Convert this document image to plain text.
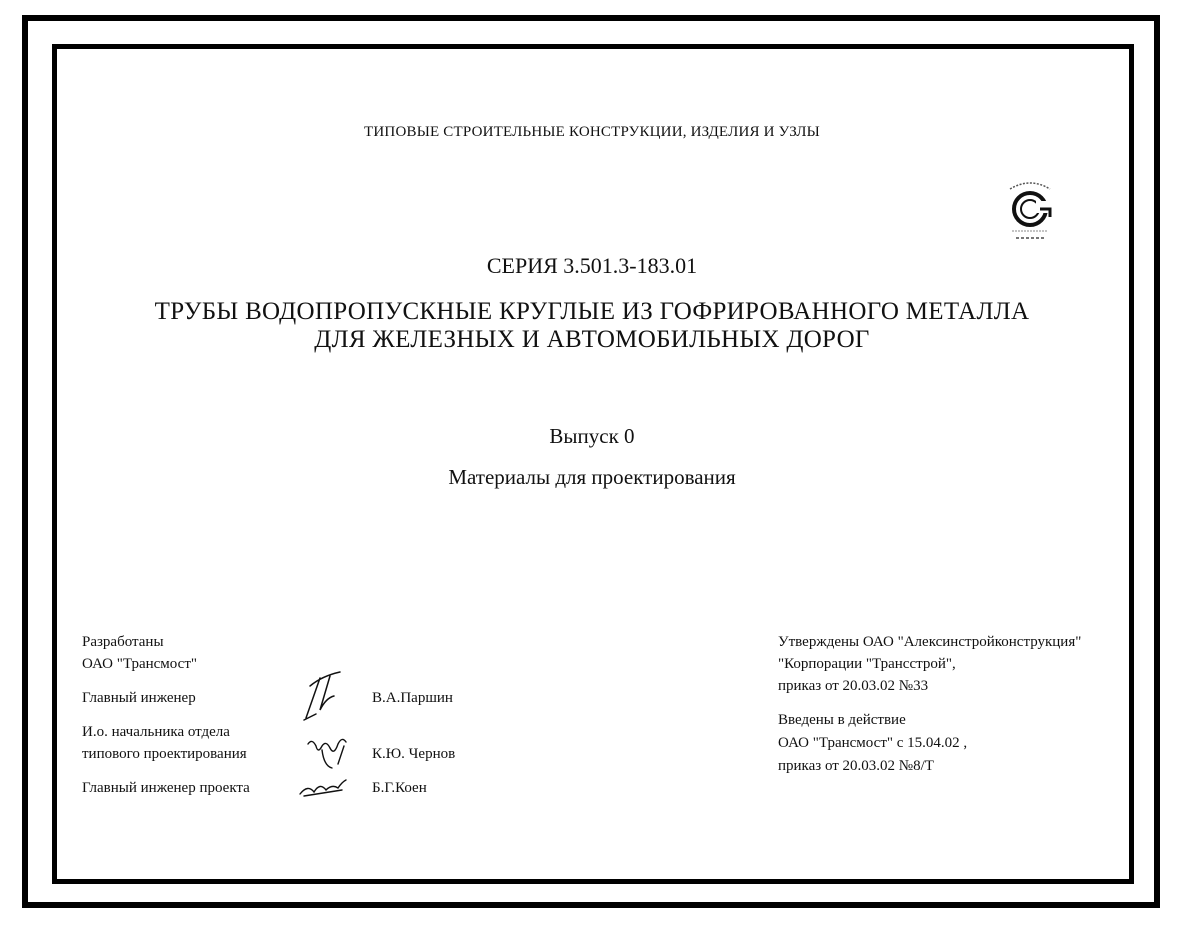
ТИПОВЫЕ СТРОИТЕЛЬНЫЕ КОНСТРУКЦИИ, ИЗДЕЛИЯ И УЗЛЫ
СЕРИЯ 3.501.3-183.01
ТРУБЫ ВОДОПРОПУСКНЫЕ КРУГЛЫЕ ИЗ ГОФРИРОВАННОГО МЕТАЛЛА
ДЛЯ ЖЕЛЕЗНЫХ И АВТОМОБИЛЬНЫХ ДОРОГ
Выпуск 0
Материалы для проектирования
Разработаны
ОАО "Трансмост"
Главный инженер	В.А.Паршин
И.о. начальника отдела
типового проектирования	К.Ю. Чернов
Главный инженер проекта	Б.Г.Коен
Утверждены ОАО "Алексинстройконструкция"
"Корпорации "Трансстрой",
приказ от 20.03.02 №33
Введены в действие
ОАО "Трансмост" с 15.04.02 ,
приказ от 20.03.02 №8/Т
